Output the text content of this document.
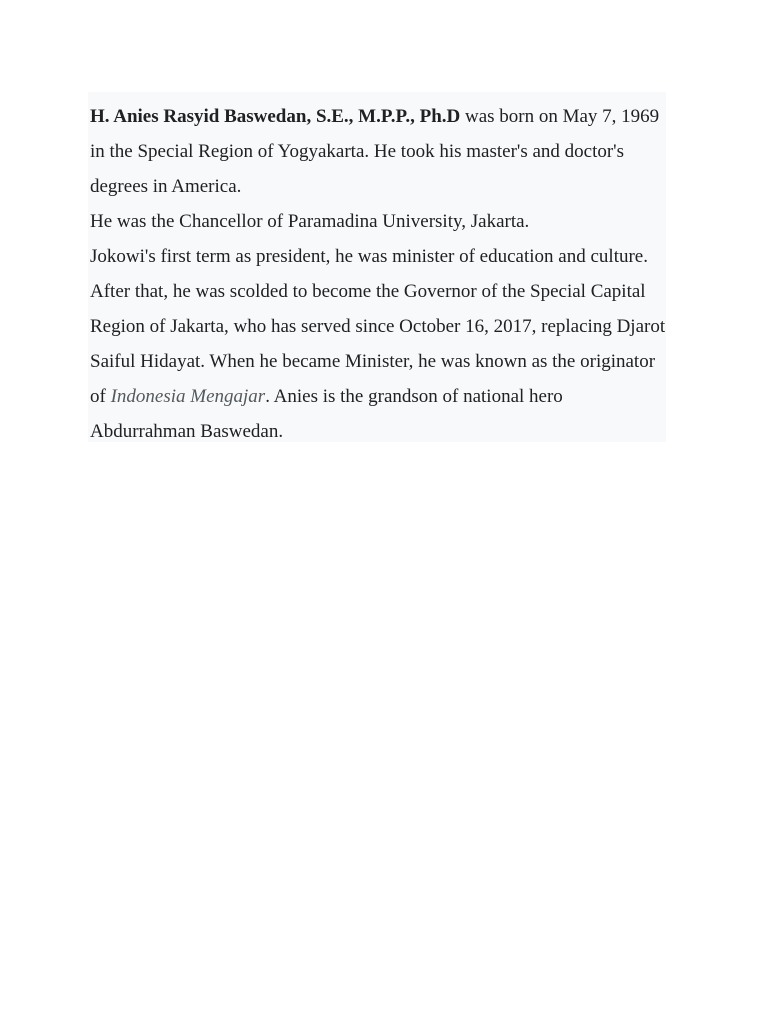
H. Anies Rasyid Baswedan, S.E., M.P.P., Ph.D was born on May 7, 1969 in the Special Region of Yogyakarta. He took his master's and doctor's degrees in America.

He was the Chancellor of Paramadina University, Jakarta.

Jokowi's first term as president, he was minister of education and culture. After that, he was scolded to become the Governor of the Special Capital Region of Jakarta, who has served since October 16, 2017, replacing Djarot Saiful Hidayat. When he became Minister, he was known as the originator of Indonesia Mengajar. Anies is the grandson of national hero Abdurrahman Baswedan.
